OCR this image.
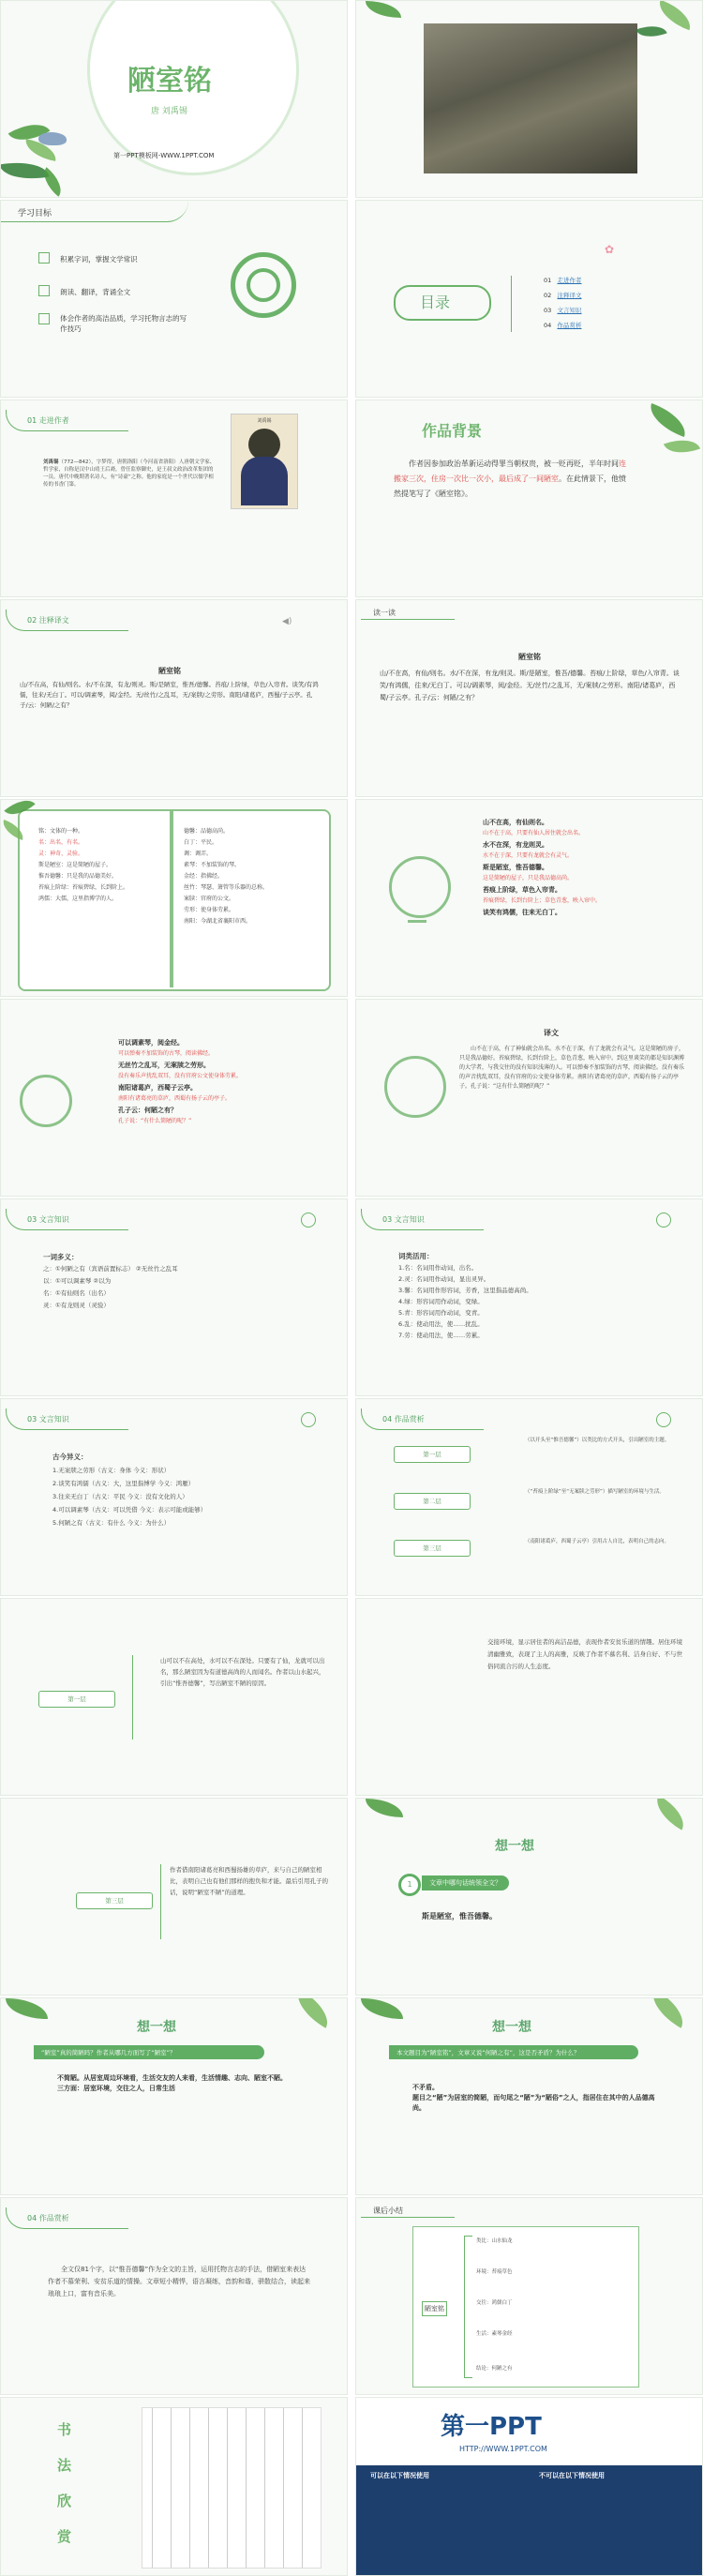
陋室铭
唐 刘禹锡
第一PPT模板网-WWW.1PPT.COM
学习目标
积累字词，掌握文学常识
朗读、翻译，背诵全文
体会作者的高洁品质，学习托物言志的写作技巧
目录
01 走进作者
02 注释译文
03 文言知识
04 作品赏析
✿
01 走进作者	刘禹锡
刘禹锡（772—842），字梦得，唐朝洛阳（今河南省洛阳）人唐朝文学家、哲学家，自称是汉中山靖王后裔，曾任监察御史，是王叔文政治改革集团的一员。唐代中晚期著名诗人，有“诗豪”之称。他的家庭是一个世代以儒学相传的书香门第。
作品背景
作者因参加政治革新运动得罪当朝权贵，被一贬再贬，半年时间连搬家三次，住房一次比一次小，最后成了一间陋室。在此情景下，他愤然提笔写了《陋室铭》。
02 注释译文	◀)
陋室铭
山/不在高，有仙/则名。水/不在深，有龙/则灵。斯/是陋室，惟吾/德馨。苔痕/上阶绿，草色/入帘青。谈笑/有鸿儒，往来/无白丁。可以/调素琴，阅/金经。无/丝竹/之乱耳，无/案牍/之劳形。南阳/诸葛庐，西蜀/子云亭。孔子/云：何陋/之有？
读一读
陋室铭
山/不在高，有仙/则名。水/不在深，有龙/则灵。斯/是陋室，惟吾/德馨。苔痕/上阶绿，草色/入帘青。谈笑/有鸿儒，往来/无白丁。可以/调素琴，阅/金经。无/丝竹/之乱耳，无/案牍/之劳形。南阳/诸葛庐，西蜀/子云亭。孔子/云：何陋/之有？
铭：文体的一种。
名：出名，有名。
灵：神奇、灵验。
斯是陋室：这是简陋的屋子。
惟吾德馨：只是我的品德美好。
苔痕上阶绿：苔痕碧绿，长到阶上。
鸿儒：大儒，这里指博学的人。
德馨：品德高尚。
白丁：平民。
调：调弄。
素琴：不加装饰的琴。
金经：指佛经。
丝竹：琴瑟、箫管等乐器的总称。
案牍：官府的公文。
劳形：使身体劳累。
南阳：今湖北省襄阳市西。
山不在高，有仙则名。
山不在于高，只要有仙人居住就会出名。
水不在深，有龙则灵。
水不在于深，只要有龙就会有灵气。
斯是陋室，惟吾德馨。
这是简陋的屋子，只是我品德高尚。
苔痕上阶绿，草色入帘青。
苔痕碧绿，长到台阶上；草色青葱，映入帘中。
谈笑有鸿儒，往来无白丁。
可以调素琴，阅金经。
可以弹奏不加装饰的古琴，阅读佛经。
无丝竹之乱耳，无案牍之劳形。
没有奏乐声扰乱双耳，没有官府公文使身体劳累。
南阳诸葛庐，西蜀子云亭。
南阳有诸葛亮的草庐，西蜀有扬子云的亭子。
孔子云：何陋之有？
孔子说：“有什么简陋的呢？”
译文
山不在于高，有了神仙就会出名。水不在于深，有了龙就会有灵气。这是简陋的房子，只是我品德好。苔痕碧绿，长到台阶上，草色青葱，映入帘中。到这里谈笑的都是知识渊博的大学者，与我交往的没有知识浅薄的人。可以弹奏不加装饰的古琴，阅读佛经。没有奏乐的声音扰乱双耳，没有官府的公文使身体劳累。南阳有诸葛亮的草庐，西蜀有扬子云的亭子。孔子说：“这有什么简陋的呢？”
03 文言知识
一词多义：
之：①何陋之有（宾语前置标志） ②无丝竹之乱耳
以：①可以调素琴 ②以为
名：①有仙则名（出名）
灵：①有龙则灵（灵验）
03 文言知识
词类活用：
1.名：名词用作动词，出名。
2.灵：名词用作动词，显出灵异。
3.馨：名词用作形容词，芳香，这里指品德高尚。
4.绿：形容词用作动词，变绿。
5.青：形容词用作动词，变青。
6.乱：使动用法，使……扰乱。
7.劳：使动用法，使……劳累。
03 文言知识
古今异义：
1.无案牍之劳形（古义：身体 今义：形状）
2.谈笑有鸿儒（古义：大，这里指博学 今义：鸿雁）
3.往来无白丁（古义：平民 今义：没有文化的人）
4.可以调素琴（古义：可以凭借 今义：表示可能或能够）
5.何陋之有（古义：有什么 今义：为什么）
04 作品赏析
第一层
第二层
第三层
（以开头至“惟吾德馨”）以类比的方式开头，引出陋室的主题。
（“苔痕上阶绿”至“无案牍之劳形”）描写陋室的环境与生活。
（南阳诸葛庐，西蜀子云亭）引用古人自比，表明自己的志向。
第一层
山可以不在高处，水可以不在深处。只要有了仙，龙就可以出名，那么陋室因为有道德高尚的人而闻名。作者以山水起兴，引出“惟吾德馨”，写出陋室不陋的原因。
交接环境，显示居住者的高洁品德，表现作者安贫乐道的情趣。居住环境清幽雅致，表现了主人的高雅，反映了作者不慕名利、洁身自好、不与世俗同流合污的人生态度。
第三层
作者借南阳诸葛亮和西蜀扬雄的草庐，来与自己的陋室相比，表明自己也有他们那样的抱负和才能。最后引用孔子的话，说明“陋室不陋”的道理。
想一想
1	文章中哪句话统领全文？
斯是陋室，惟吾德馨。
想一想
“陋室”真的简陋吗？作者从哪几方面写了“陋室”？
不简陋。从居室周边环境看，生活交友的人来看，生活情趣、志向、陋室不陋。
三方面：居室环境，交往之人，日常生活
想一想
本文题目为“陋室铭”，文章又说“何陋之有”，这是否矛盾？为什么？
不矛盾。
题目之“陋”为居室的简陋，而句尾之“陋”为“陋俗”之人，指居住在其中的人品德高尚。
04 作品赏析
全文仅81个字，以“惟吾德馨”作为全文的主旨，运用托物言志的手法，借陋室来表达作者不慕荣利、安贫乐道的情操。文章短小精悍，语言凝练，音韵和谐，骈散结合，读起来琅琅上口，富有音乐美。
课后小结
陋室铭
类比：山水仙龙
环境：苔痕草色
交往：鸿儒白丁
生活：素琴金经
结论：何陋之有
书
法
欣
赏
第一PPT
HTTP://WWW.1PPT.COM
可以在以下情况使用	不可以在以下情况使用
